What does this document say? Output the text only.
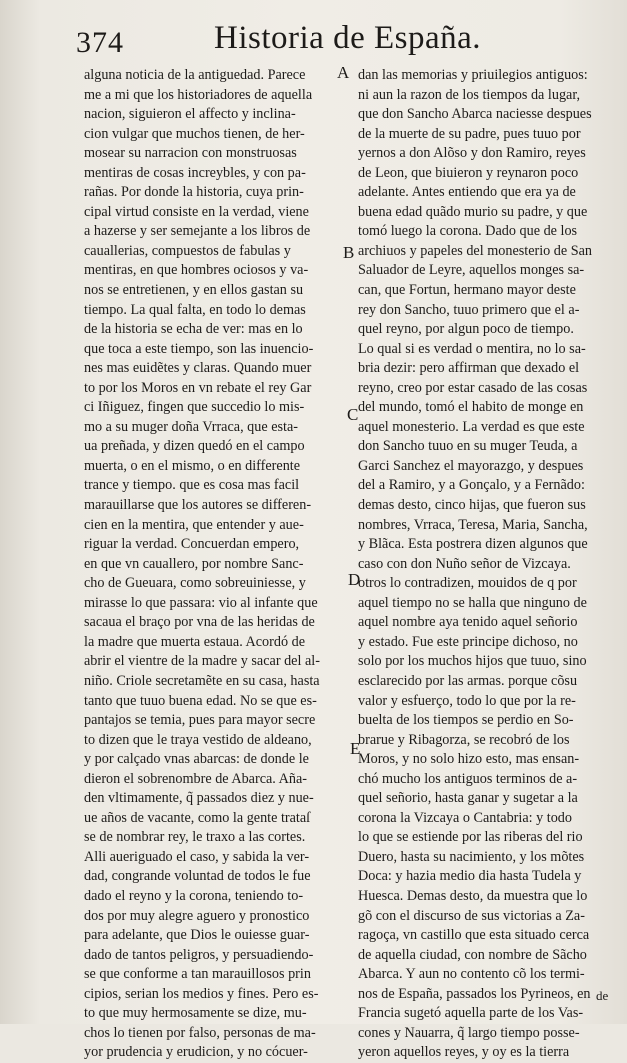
374	Historia de España.
alguna noticia de la antiguedad. Parece
me a mi que los historiadores de aquella
nacion, siguieron el affecto y inclina-
cion vulgar que muchos tienen, de her-
mosear su narracion con monstruosas
mentiras de cosas increybles, y con pa-
rañas. Por donde la historia, cuya prin-
cipal virtud consiste en la verdad, viene
a hazerse y ser semejante a los libros de
cauallerias, compuestos de fabulas y
mentiras, en que hombres ociosos y va-
nos se entretienen, y en ellos gastan su
tiempo. La qual falta, en todo lo demas
de la historia se echa de ver: mas en lo
que toca a este tiempo, son las inuencio-
nes mas euidẽtes y claras. Quando muer
to por los Moros en vn rebate el rey Gar
ci Iñiguez, fingen que succedio lo mis-
mo a su muger doña Vrraca, que esta-
ua preñada, y dizen quedó en el campo
muerta, o en el mismo, o en differente
trance y tiempo. que es cosa mas facil
marauillarse que los autores se differen-
cien en la mentira, que entender y aue-
riguar la verdad. Concuerdan empero,
en que vn cauallero, por nombre Sanc-
cho de Gueuara, como sobreuiniesse, y
mirasse lo que passara: vio al infante que
sacaua el braço por vna de las heridas de
la madre que muerta estaua. Acordó de
abrir el vientre de la madre y sacar del al-
niño. Criole secretamẽte en su casa, hasta
tanto que tuuo buena edad. No se que es-
pantajos se temia, pues para mayor secre
to dizen que le traya vestido de aldeano,
y por calçado vnas abarcas: de donde le
dieron el sobrenombre de Abarca. Aña-
den vltimamente, q̃ passados diez y nue-
ue años de vacante, como la gente trataſ
se de nombrar rey, le traxo a las cortes.
Alli aueriguado el caso, y sabida la ver-
dad, congrande voluntad de todos le fue
dado el reyno y la corona, teniendo to-
dos por muy alegre aguero y pronostico
para adelante, que Dios le ouiesse guar-
dado de tantos peligros, y persuadiendo-
se que conforme a tan marauillosos prin
cipios, serian los medios y fines. Pero es-
to que muy hermosamente se dize, mu-
chos lo tienen por falso, personas de ma-
yor prudencia y erudicion, y no cócuer-
dan las memorias y priuilegios antiguos:
ni aun la razon de los tiempos da lugar,
que don Sancho Abarca naciesse despues
de la muerte de su padre, pues tuuo por
yernos a don Alõso y don Ramiro, reyes
de Leon, que biuieron y reynaron poco
adelante. Antes entiendo que era ya de
buena edad quãdo murio su padre, y que
tomó luego la corona. Dado que de los
archiuos y papeles del monesterio de San
Saluador de Leyre, aquellos monges sa-
can, que Fortun, hermano mayor deste
rey don Sancho, tuuo primero que el a-
quel reyno, por algun poco de tiempo.
Lo qual si es verdad o mentira, no lo sa-
bria dezir: pero affirman que dexado el
reyno, creo por estar casado de las cosas
del mundo, tomó el habito de monge en
aquel monesterio. La verdad es que este
don Sancho tuuo en su muger Teuda, a
Garci Sanchez el mayorazgo, y despues
del a Ramiro, y a Gonçalo, y a Fernãdo:
demas desto, cinco hijas, que fueron sus
nombres, Vrraca, Teresa, Maria, Sancha,
y Blãca. Esta postrera dizen algunos que
caso con don Nuño señor de Vizcaya.
otros lo contradizen, mouidos de q por
aquel tiempo no se halla que ninguno de
aquel nombre aya tenido aquel señorio
y estado. Fue este principe dichoso, no
solo por los muchos hijos que tuuo, sino
esclarecido por las armas. porque cõsu
valor y esfuerço, todo lo que por la re-
buelta de los tiempos se perdio en So-
brarue y Ribagorza, se recobró de los
Moros, y no solo hizo esto, mas ensan-
chó mucho los antiguos terminos de a-
quel señorio, hasta ganar y sugetar a la
corona la Vizcaya o Cantabria: y todo
lo que se estiende por las riberas del rio
Duero, hasta su nacimiento, y los mõtes
Doca: y hazia medio dia hasta Tudela y
Huesca. Demas desto, da muestra que lo
gõ con el discurso de sus victorias a Za-
ragoça, vn castillo que esta situado cerca
de aquella ciudad, con nombre de Sãcho
Abarca. Y aun no contento cõ los termi-
nos de España, passados los Pyrineos, en
Francia sugetó aquella parte de los Vas-
cones y Nauarra, q̃ largo tiempo posse-
yeron aquellos reyes, y oy es la tierra
A
B
C
D
E
de
